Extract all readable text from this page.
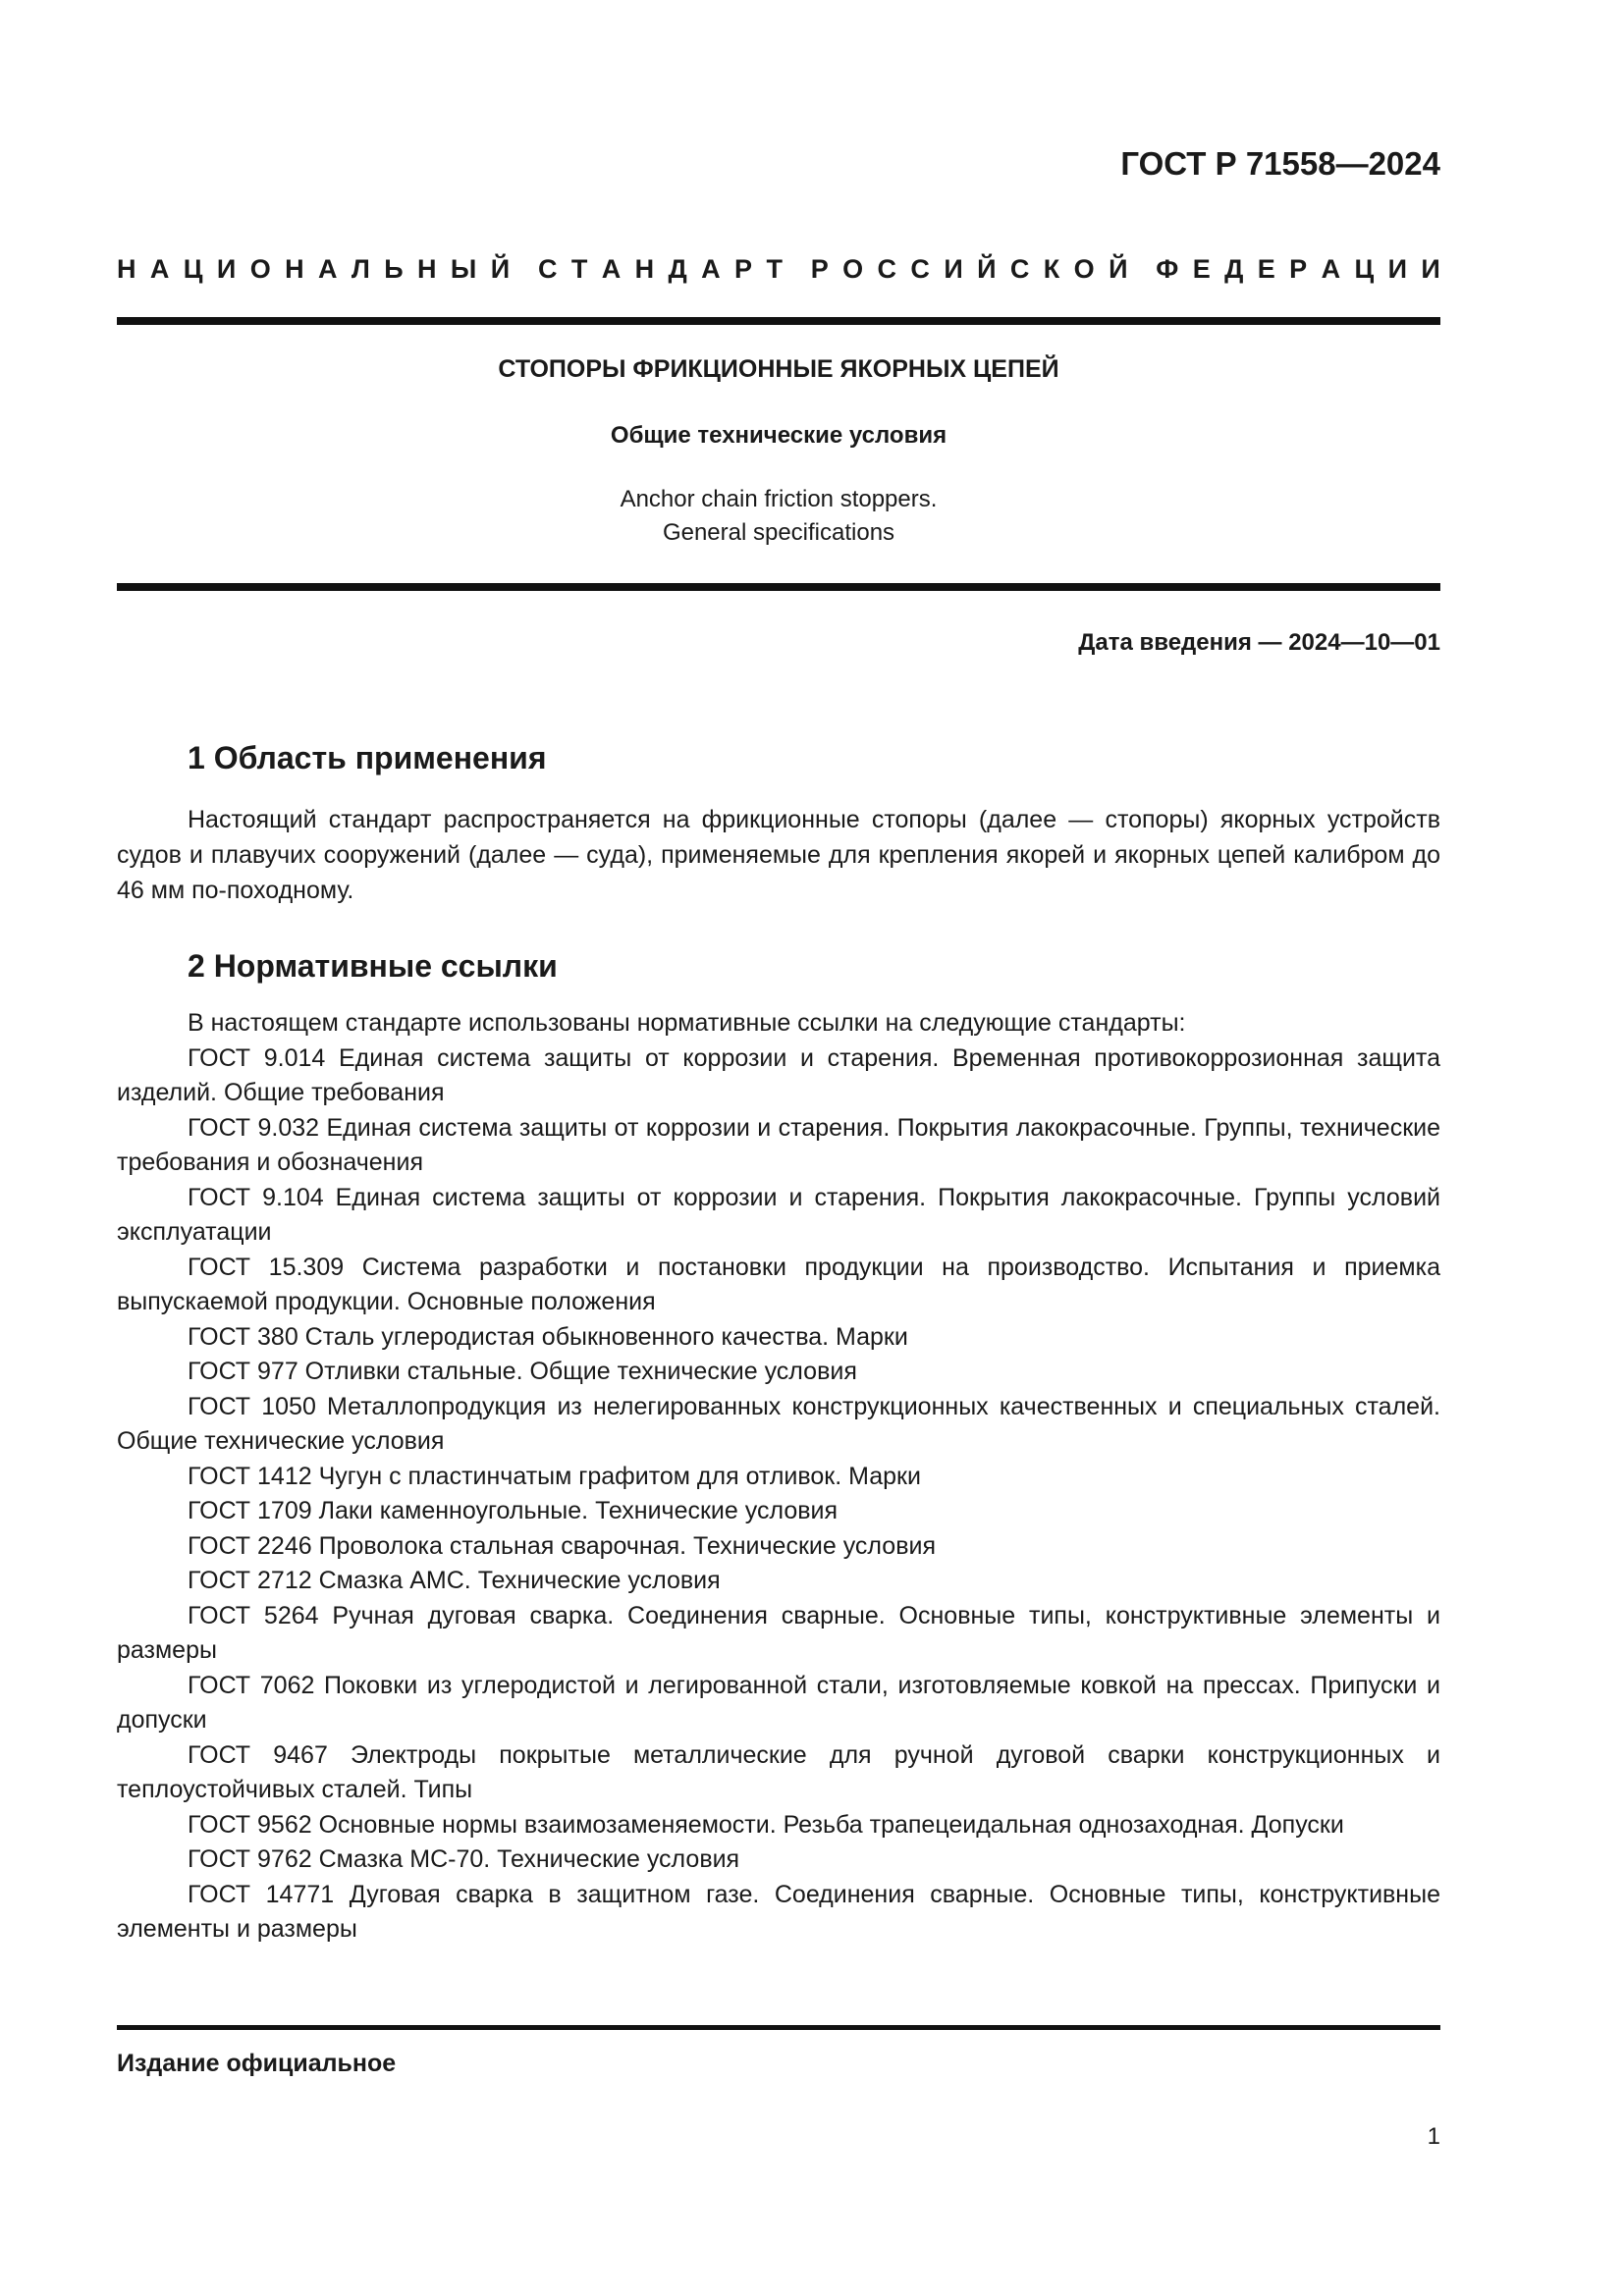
ГОСТ Р 71558—2024
Н А Ц И О Н А Л Ь Н Ы Й С Т А Н Д А Р Т Р О С С И Й С К О Й Ф Е Д Е Р А Ц И И
СТОПОРЫ ФРИКЦИОННЫЕ ЯКОРНЫХ ЦЕПЕЙ
Общие технические условия
Anchor chain friction stoppers.
General specifications
Дата введения — 2024—10—01
1 Область применения

Настоящий стандарт распространяется на фрикционные стопоры (далее — стопоры) якорных устройств судов и плавучих сооружений (далее — суда), применяемые для крепления якорей и якорных цепей калибром до 46 мм по-походному.

2 Нормативные ссылки

В настоящем стандарте использованы нормативные ссылки на следующие стандарты:

ГОСТ 9.014 Единая система защиты от коррозии и старения. Временная противокоррозионная защита изделий. Общие требования

ГОСТ 9.032 Единая система защиты от коррозии и старения. Покрытия лакокрасочные. Группы, технические требования и обозначения

ГОСТ 9.104 Единая система защиты от коррозии и старения. Покрытия лакокрасочные. Группы условий эксплуатации

ГОСТ 15.309 Система разработки и постановки продукции на производство. Испытания и приемка выпускаемой продукции. Основные положения

ГОСТ 380 Сталь углеродистая обыкновенного качества. Марки

ГОСТ 977 Отливки стальные. Общие технические условия

ГОСТ 1050 Металлопродукция из нелегированных конструкционных качественных и специальных сталей. Общие технические условия

ГОСТ 1412 Чугун с пластинчатым графитом для отливок. Марки

ГОСТ 1709 Лаки каменноугольные. Технические условия

ГОСТ 2246 Проволока стальная сварочная. Технические условия

ГОСТ 2712 Смазка АМС. Технические условия

ГОСТ 5264 Ручная дуговая сварка. Соединения сварные. Основные типы, конструктивные элементы и размеры

ГОСТ 7062 Поковки из углеродистой и легированной стали, изготовляемые ковкой на прессах. Припуски и допуски

ГОСТ 9467 Электроды покрытые металлические для ручной дуговой сварки конструкционных и теплоустойчивых сталей. Типы

ГОСТ 9562 Основные нормы взаимозаменяемости. Резьба трапецеидальная однозаходная. Допуски

ГОСТ 9762 Смазка МС-70. Технические условия

ГОСТ 14771 Дуговая сварка в защитном газе. Соединения сварные. Основные типы, конструктивные элементы и размеры

Издание официальное
1
